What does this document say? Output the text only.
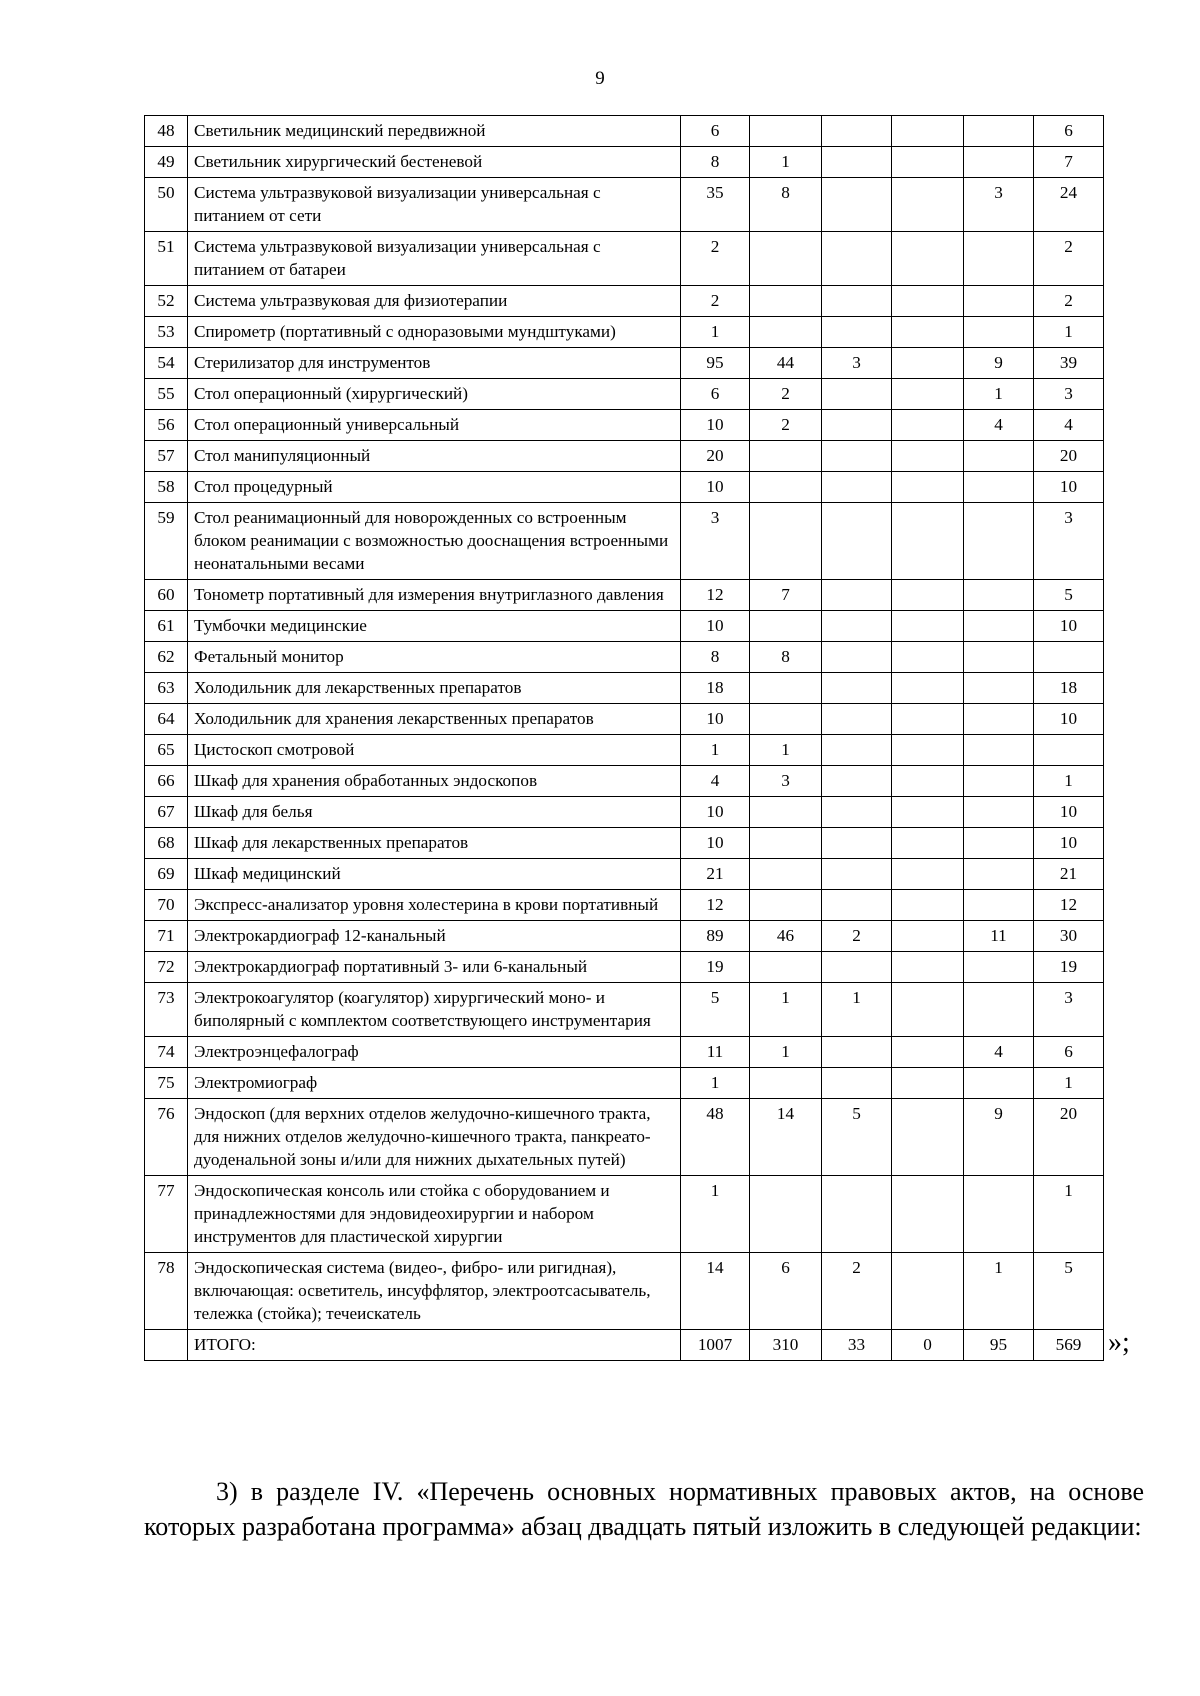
9
48	Светильник медицинский передвижной	6					6
49	Светильник хирургический бестеневой	8	1				7
50	Система ультразвуковой визуализации универсальная с питанием от сети	35	8			3	24
51	Система ультразвуковой визуализации универсальная с питанием от батареи	2					2
52	Система ультразвуковая для физиотерапии	2					2
53	Спирометр (портативный с одноразовыми мундштуками)	1					1
54	Стерилизатор для инструментов	95	44	3		9	39
55	Стол операционный (хирургический)	6	2			1	3
56	Стол операционный универсальный	10	2			4	4
57	Стол манипуляционный	20					20
58	Стол процедурный	10					10
59	Стол реанимационный для новорожденных со встроенным блоком реанимации с возможностью дооснащения встроенными неонатальными весами	3					3
60	Тонометр портативный для измерения внутриглазного давления	12	7				5
61	Тумбочки медицинские	10					10
62	Фетальный монитор	8	8				
63	Холодильник для лекарственных препаратов	18					18
64	Холодильник для хранения лекарственных препаратов	10					10
65	Цистоскоп смотровой	1	1				
66	Шкаф для хранения обработанных эндоскопов	4	3				1
67	Шкаф для белья	10					10
68	Шкаф для лекарственных препаратов	10					10
69	Шкаф медицинский	21					21
70	Экспресс-анализатор уровня холестерина в крови портативный	12					12
71	Электрокардиограф 12-канальный	89	46	2		11	30
72	Электрокардиограф портативный 3- или 6-канальный	19					19
73	Электрокоагулятор (коагулятор) хирургический моно- и биполярный с комплектом соответствующего инструментария	5	1	1			3
74	Электроэнцефалограф	11	1			4	6
75	Электромиограф	1					1
76	Эндоскоп (для верхних отделов желудочно-кишечного тракта, для нижних отделов желудочно-кишечного тракта, панкреато-дуоденальной зоны и/или для нижних дыхательных путей)	48	14	5		9	20
77	Эндоскопическая консоль или стойка с оборудованием и принадлежностями для эндовидеохирургии и набором инструментов для пластической хирургии	1					1
78	Эндоскопическая система (видео-, фибро- или ригидная), включающая: осветитель, инсуффлятор, электроотсасыватель, тележка (стойка); течеискатель	14	6	2		1	5
	ИТОГО:	1007	310	33	0	95	569 »;

3) в разделе IV. «Перечень основных нормативных правовых актов, на основе которых разработана программа» абзац двадцать пятый изложить в следующей редакции:
